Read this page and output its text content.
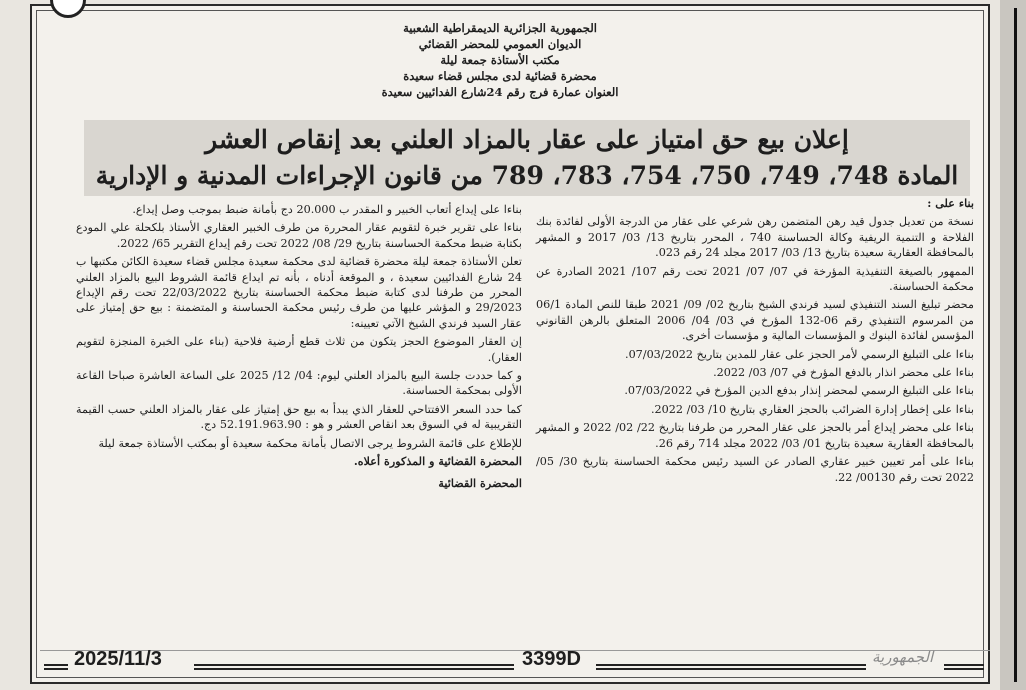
الجمهورية الجزائرية الديمقراطية الشعبية
الديوان العمومي للمحضر القضائي
مكتب الأستاذة جمعة ليلة
محضرة قضائية لدى مجلس قضاء سعيدة
العنوان عمارة فرج رقم 24شارع الفدائيين سعيدة
إعلان بيع حق امتياز على عقار بالمزاد العلني بعد إنقاص العشر
المادة 748، 749، 750، 754، 783، 789 من قانون الإجراءات المدنية و الإدارية

بناء على :

نسخة من تعديل جدول قيد رهن المتضمن رهن شرعي على عقار من الدرجة الأولى لفائدة بنك الفلاحة و التنمية الريفية وكالة الحساسنة 740 ، المحرر بتاريخ 13/ 03/ 2017 و المشهر بالمحافظة العقارية سعيدة بتاريخ 13/ 03/ 2017 مجلد 24 رقم 023.

الممهور بالصيغة التنفيذية المؤرخة في 07/ 07/ 2021 تحت رقم 107/ 2021 الصادرة عن محكمة الحساسنة.

محضر تبليغ السند التنفيذي لسيد فرندي الشيخ بتاريخ 02/ 09/ 2021 طبقا للنص المادة 06/1 من المرسوم التنفيذي رقم 06-132 المؤرخ في 03/ 04/ 2006 المتعلق بالرهن القانوني المؤسس لفائدة البنوك و المؤسسات المالية و مؤسسات أخرى.

بناءا على التبليغ الرسمي لأمر الحجز على عقار للمدين بتاريخ 07/03/2022.

بناءا على محضر انذار بالدفع المؤرخ في 07/ 03/ 2022.

بناءا على التبليغ الرسمي لمحضر إنذار بدفع الدين المؤرخ في 07/03/2022.

بناءا على إخطار إدارة الضرائب بالحجز العقاري بتاريخ 10/ 03/ 2022.

بناءا على محضر إيداع أمر بالحجز على عقار المحرر من طرفنا بتاريخ 22/ 02/ 2022 و المشهر بالمحافظة العقارية سعيدة بتاريخ 01/ 03/ 2022 مجلد 714 رقم 26.

بناءا على أمر تعيين خبير عقاري الصادر عن السيد رئيس محكمة الحساسنة بتاريخ 30/ 05/ 2022 تحت رقم 00130/ 22.

بناءا على إيداع أتعاب الخبير و المقدر ب 20.000 دج بأمانة ضبط بموجب وصل إيداع.

بناءا على تقرير خبرة لتقويم عقار المحررة من طرف الخبير العقاري الأستاذ بلكحلة علي المودع بكتابة ضبط محكمة الحساسنة بتاريخ 29/ 08/ 2022 تحت رقم إيداع التقرير 65/ 2022.

تعلن الأستاذة جمعة ليلة محضرة قضائية لدى محكمة سعيدة مجلس قضاء سعيدة الكائن مكتبها ب 24 شارع الفدائيين سعيدة ، و الموقعة أدناه ، بأنه تم ايداع قائمة الشروط البيع بالمزاد العلني المحرر من طرفنا لدى كتابة ضبط محكمة الحساسنة بتاريخ 22/03/2022 تحت رقم الإيداع 29/2023 و المؤشر عليها من طرف رئيس محكمة الحساسنة و المتضمنة : بيع حق إمتياز على عقار السيد فرندي الشيخ الآتي تعيينه:

إن العقار الموضوع الحجز يتكون من ثلاث قطع أرضية فلاحية (بناء على الخبرة المنجزة لتقويم العقار).

و كما حددت جلسة البيع بالمزاد العلني ليوم: 04/ 12/ 2025 على الساعة العاشرة صباحا القاعة الأولى بمحكمة الحساسنة.

كما حدد السعر الافتتاحي للعقار الذي يبدأ به بيع حق إمتياز على عقار بالمزاد العلني حسب القيمة التقريبية له في السوق بعد انقاص العشر و هو : 52.191.963.90 دج.

للإطلاع على قائمة الشروط يرجى الاتصال بأمانة محكمة سعيدة أو بمكتب الأستاذة جمعة ليلة

المحضرة القضائية و المذكورة أعلاه.

المحضرة القضائية

2025/11/3	3399D	الجمهورية
